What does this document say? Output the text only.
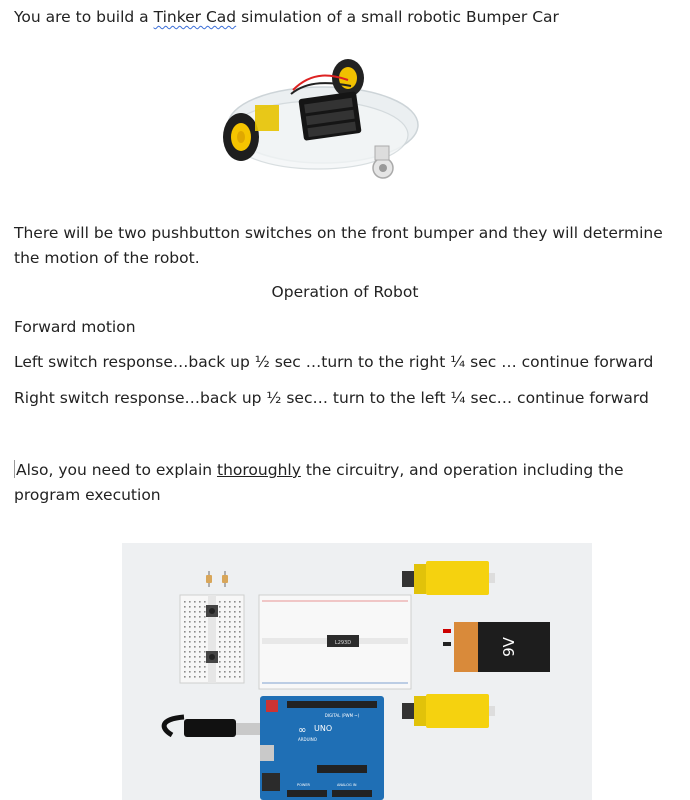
You are to build a Tinker Cad simulation of a small robotic Bumper Car
There will be two pushbutton switches on the front bumper and they will determine the motion of the robot.
Operation of Robot
Forward motion
Left switch response…back up ½ sec …turn to the right ¼ sec … continue forward
Right switch response…back up ½ sec… turn to the left ¼ sec… continue forward
Also, you need to explain thoroughly the circuitry, and operation including the program execution
L293D	9V
DIGITAL (PWM ~)
∞ UNO
ARDUINO
POWER	ANALOG IN
